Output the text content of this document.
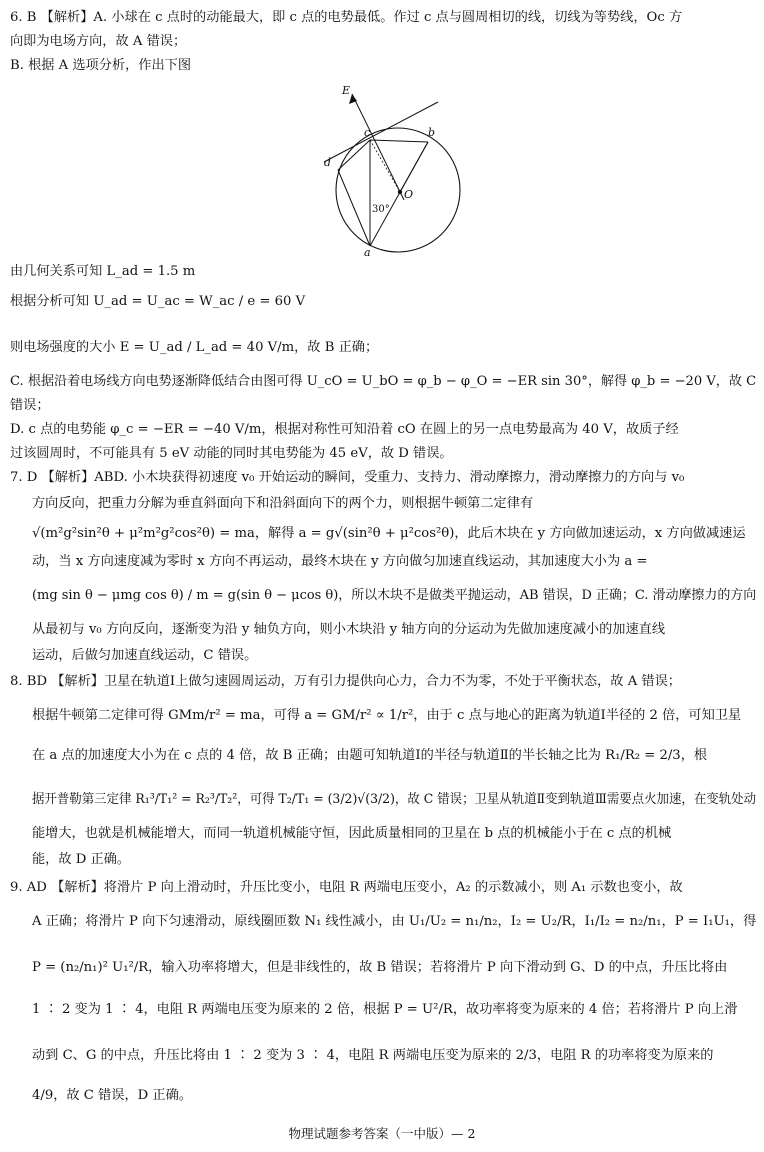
6. B 【解析】A. 小球在 c 点时的动能最大，即 c 点的电势最低。作过 c 点与圆周相切的线，切线为等势线，Oc 方
向即为电场方向，故 A 错误；
B. 根据 A 选项分析，作出下图
E
c	b
d
O
30°
a
由几何关系可知 L_ad = 1.5 m
根据分析可知 U_ad = U_ac = W_ac / e = 60 V
则电场强度的大小 E = U_ad / L_ad = 40 V/m，故 B 正确；
C. 根据沿着电场线方向电势逐渐降低结合由图可得 U_cO = U_bO = φ_b − φ_O = −ER sin 30°，解得 φ_b = −20 V，故 C
错误；
D. c 点的电势能 φ_c = −ER = −40 V/m，根据对称性可知沿着 cO 在圆上的另一点电势最高为 40 V，故质子经
过该圆周时，不可能具有 5 eV 动能的同时其电势能为 45 eV，故 D 错误。
7. D 【解析】ABD. 小木块获得初速度 v₀ 开始运动的瞬间，受重力、支持力、滑动摩擦力，滑动摩擦力的方向与 v₀
方向反向，把重力分解为垂直斜面向下和沿斜面向下的两个力，则根据牛顿第二定律有
√(m²g²sin²θ + μ²m²g²cos²θ) = ma，解得 a = g√(sin²θ + μ²cos²θ)，此后木块在 y 方向做加速运动，x 方向做减速运
动，当 x 方向速度减为零时 x 方向不再运动，最终木块在 y 方向做匀加速直线运动，其加速度大小为 a =
(mg sin θ − μmg cos θ) / m = g(sin θ − μcos θ)，所以木块不是做类平抛运动，AB 错误，D 正确；C. 滑动摩擦力的方向
从最初与 v₀ 方向反向，逐渐变为沿 y 轴负方向，则小木块沿 y 轴方向的分运动为先做加速度减小的加速直线
运动，后做匀加速直线运动，C 错误。
8. BD 【解析】卫星在轨道Ⅰ上做匀速圆周运动，万有引力提供向心力，合力不为零，不处于平衡状态，故 A 错误；
根据牛顿第二定律可得 GMm/r² = ma，可得 a = GM/r² ∝ 1/r²，由于 c 点与地心的距离为轨道Ⅰ半径的 2 倍，可知卫星
在 a 点的加速度大小为在 c 点的 4 倍，故 B 正确；由题可知轨道Ⅰ的半径与轨道Ⅱ的半长轴之比为 R₁/R₂ = 2/3，根
据开普勒第三定律 R₁³/T₁² = R₂³/T₂²，可得 T₂/T₁ = (3/2)√(3/2)，故 C 错误；卫星从轨道Ⅱ变到轨道Ⅲ需要点火加速，在变轨处动
能增大，也就是机械能增大，而同一轨道机械能守恒，因此质量相同的卫星在 b 点的机械能小于在 c 点的机械
能，故 D 正确。
9. AD 【解析】将滑片 P 向上滑动时，升压比变小，电阻 R 两端电压变小，A₂ 的示数减小，则 A₁ 示数也变小，故
A 正确；将滑片 P 向下匀速滑动，原线圈匝数 N₁ 线性减小，由 U₁/U₂ = n₁/n₂，I₂ = U₂/R，I₁/I₂ = n₂/n₁，P = I₁U₁，得
P = (n₂/n₁)² U₁²/R，输入功率将增大，但是非线性的，故 B 错误；若将滑片 P 向下滑动到 G、D 的中点，升压比将由
1 ∶ 2 变为 1 ∶ 4，电阻 R 两端电压变为原来的 2 倍，根据 P = U²/R，故功率将变为原来的 4 倍；若将滑片 P 向上滑
动到 C、G 的中点，升压比将由 1 ∶ 2 变为 3 ∶ 4，电阻 R 两端电压变为原来的 2/3，电阻 R 的功率将变为原来的
4/9，故 C 错误，D 正确。
物理试题参考答案（一中版）— 2
